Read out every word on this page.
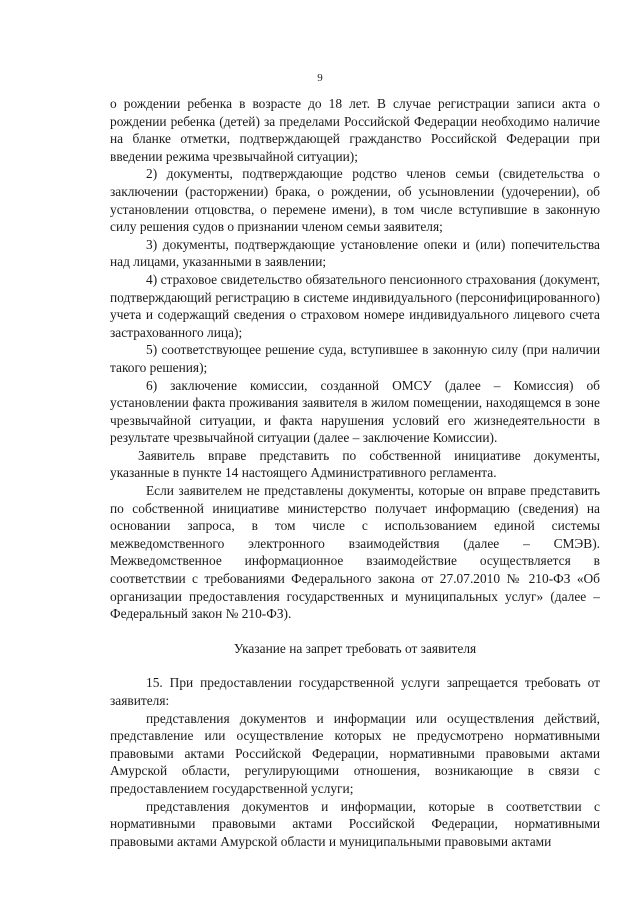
9

о рождении ребенка в возрасте до 18 лет. В случае регистрации записи акта о рождении ребенка (детей) за пределами Российской Федерации необходимо наличие на бланке отметки, подтверждающей гражданство Российской Федерации при введении режима чрезвычайной ситуации);

2) документы, подтверждающие родство членов семьи (свидетельства о заключении (расторжении) брака, о рождении, об усыновлении (удочерении), об установлении отцовства, о перемене имени), в том числе вступившие в законную силу решения судов о признании членом семьи заявителя;

3) документы, подтверждающие установление опеки и (или) попечительства над лицами, указанными в заявлении;

4) страховое свидетельство обязательного пенсионного страхования (документ, подтверждающий регистрацию в системе индивидуального (персонифицированного) учета и содержащий сведения о страховом номере индивидуального лицевого счета застрахованного лица);

5) соответствующее решение суда, вступившее в законную силу (при наличии такого решения);

6) заключение комиссии, созданной ОМСУ (далее – Комиссия) об установлении факта проживания заявителя в жилом помещении, находящемся в зоне чрезвычайной ситуации, и факта нарушения условий его жизнедеятельности в результате чрезвычайной ситуации (далее – заключение Комиссии).

Заявитель вправе представить по собственной инициативе документы, указанные в пункте 14 настоящего Административного регламента.

Если заявителем не представлены документы, которые он вправе представить по собственной инициативе министерство получает информацию (сведения) на основании запроса, в том числе с использованием единой системы межведомственного электронного взаимодействия (далее – СМЭВ). Межведомственное информационное взаимодействие осуществляется в соответствии с требованиями Федерального закона от 27.07.2010 № 210-ФЗ «Об организации предоставления государственных и муниципальных услуг» (далее – Федеральный закон № 210-ФЗ).

Указание на запрет требовать от заявителя

15. При предоставлении государственной услуги запрещается требовать от заявителя:

представления документов и информации или осуществления действий, представление или осуществление которых не предусмотрено нормативными правовыми актами Российской Федерации, нормативными правовыми актами Амурской области, регулирующими отношения, возникающие в связи с предоставлением государственной услуги;

представления документов и информации, которые в соответствии с нормативными правовыми актами Российской Федерации, нормативными правовыми актами Амурской области и муниципальными правовыми актами
